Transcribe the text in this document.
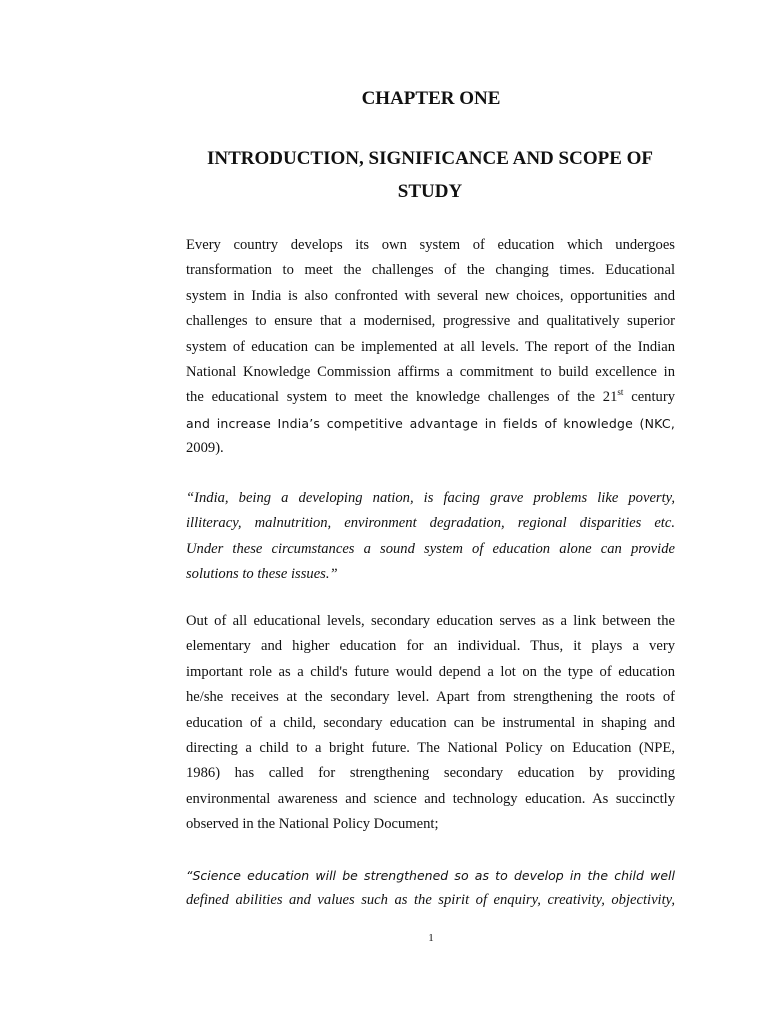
CHAPTER ONE
INTRODUCTION, SIGNIFICANCE AND SCOPE OF
STUDY
Every country develops its own system of education which undergoes
transformation to meet the challenges of the changing times. Educational
system in India is also confronted with several new choices, opportunities and
challenges to ensure that a modernised, progressive and qualitatively superior
system of education can be implemented at all levels. The report of the Indian
National Knowledge Commission affirms a commitment to build excellence in
the educational system to meet the knowledge challenges of the 21st century
and increase India’s competitive advantage in fields of knowledge (NKC,
2009).
“India, being a developing nation, is facing grave problems like poverty,
illiteracy, malnutrition, environment degradation, regional disparities etc.
Under these circumstances a sound system of education alone can provide
solutions to these issues.”
Out of all educational levels, secondary education serves as a link between the
elementary and higher education for an individual. Thus, it plays a very
important role as a child's future would depend a lot on the type of education
he/she receives at the secondary level. Apart from strengthening the roots of
education of a child, secondary education can be instrumental in shaping and
directing a child to a bright future. The National Policy on Education (NPE,
1986) has called for strengthening secondary education by providing
environmental awareness and science and technology education. As succinctly
observed in the National Policy Document;
“Science education will be strengthened so as to develop in the child well
defined abilities and values such as the spirit of enquiry, creativity, objectivity,

1
